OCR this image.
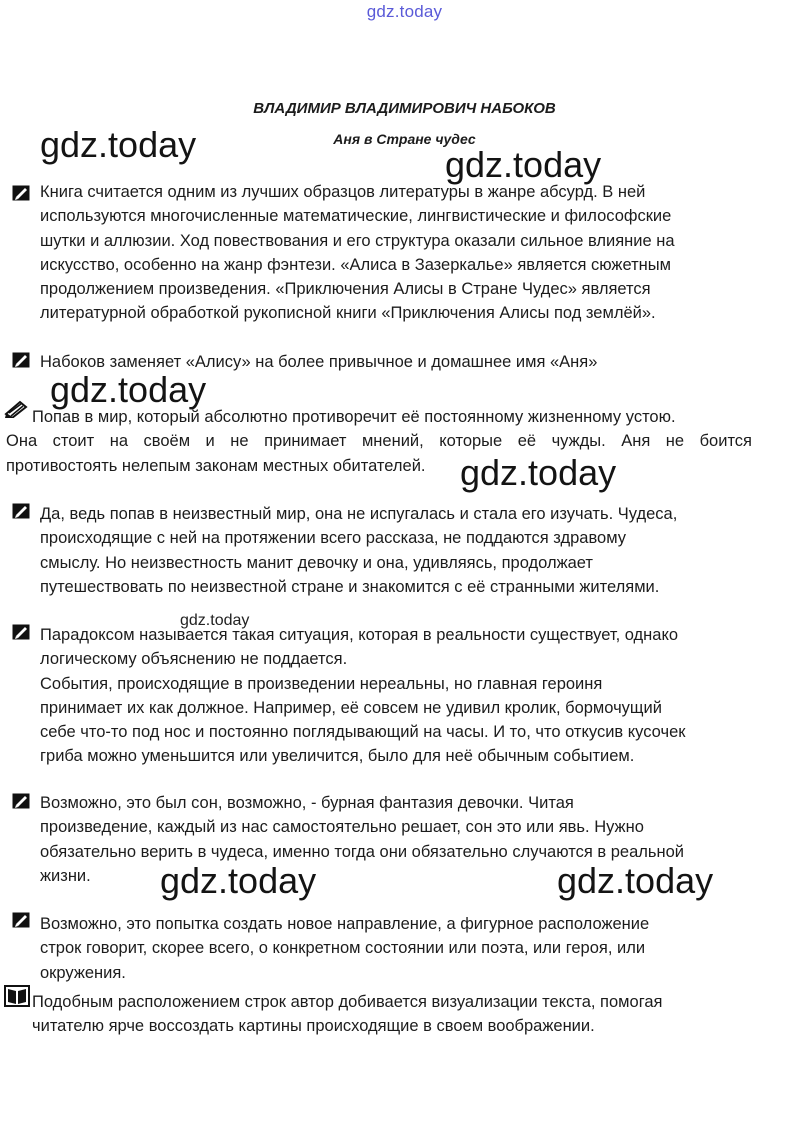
gdz.today
ВЛАДИМИР ВЛАДИМИРОВИЧ НАБОКОВ
Аня в Стране чудес
Книга считается одним из лучших образцов литературы в жанре абсурд. В ней
используются многочисленные математические, лингвистические и философские
шутки и аллюзии. Ход повествования и его структура оказали сильное влияние на
искусство, особенно на жанр фэнтези. «Алиса в Зазеркалье» является сюжетным
продолжением произведения. «Приключения Алисы в Стране Чудес» является
литературной обработкой рукописной книги «Приключения Алисы под землёй».
Набоков заменяет «Алису» на более привычное и домашнее имя «Аня»
Попав в мир, который абсолютно противоречит её постоянному жизненному устою.
Она стоит на своём и не принимает мнений, которые её чужды. Аня не боится
противостоять нелепым законам местных обитателей.
Да, ведь попав в неизвестный мир, она не испугалась и стала его изучать. Чудеса,
происходящие с ней на протяжении всего рассказа, не поддаются здравому
смыслу. Но неизвестность манит девочку и она, удивляясь, продолжает
путешествовать по неизвестной стране и знакомится с её странными жителями.
Парадоксом называется такая ситуация, которая в реальности существует, однако
логическому объяснению не поддается.
События, происходящие в произведении нереальны, но главная героиня
принимает их как должное. Например, её совсем не удивил кролик, бормочущий
себе что-то под нос и постоянно поглядывающий на часы. И то, что откусив кусочек
гриба можно уменьшится или увеличится, было для неё обычным событием.
Возможно, это был сон, возможно, - бурная фантазия девочки. Читая
произведение, каждый из нас самостоятельно решает, сон это или явь. Нужно
обязательно верить в чудеса, именно тогда они обязательно случаются в реальной
жизни.
Возможно, это попытка создать новое направление, а фигурное расположение
строк говорит, скорее всего, о конкретном состоянии или поэта, или героя, или
окружения.
Подобным расположением строк автор добивается визуализации текста, помогая
читателю ярче воссоздать картины происходящие в своем воображении.
gdz.today	gdz.today
gdz.today
gdz.today
gdz.today
gdz.today	gdz.today
